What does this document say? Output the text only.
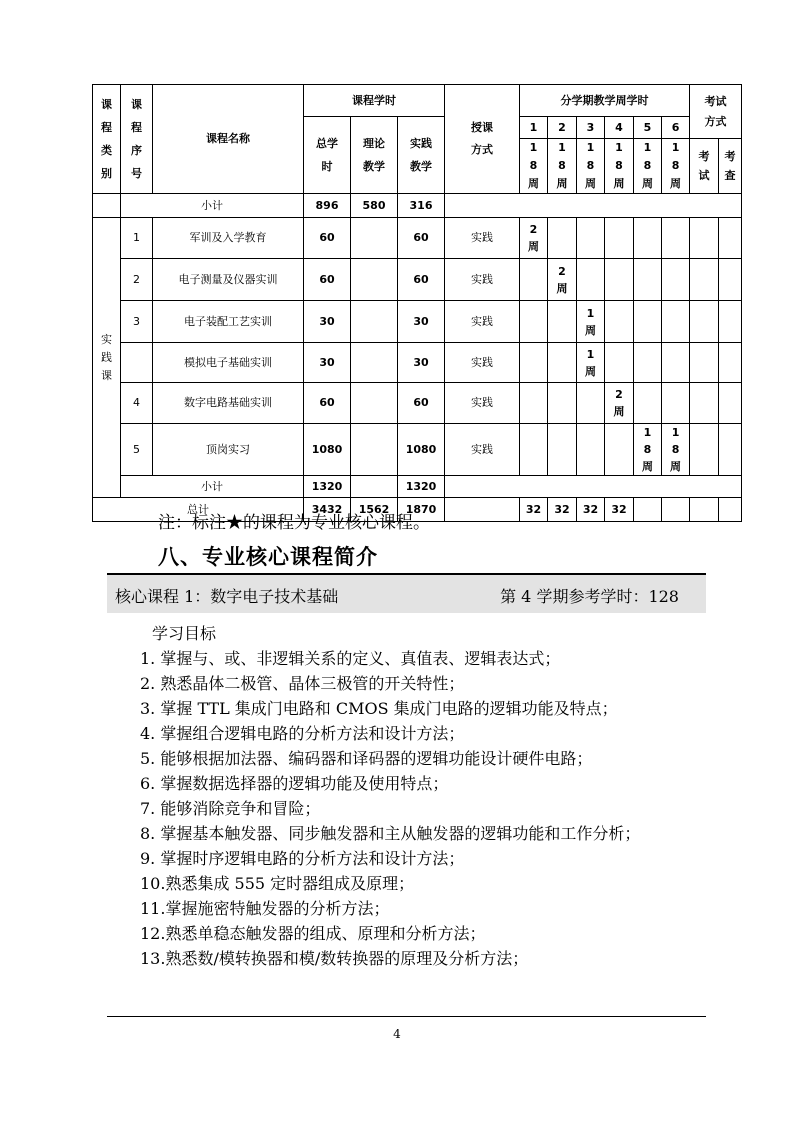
课程类别	课程序号	课程名称	课程学时			授课方式	分学期教学周学时						考试方式	
			总学时	理论教学	实践教学		1	2	3	4	5	6		
							18周	18周	18周	18周	18周	18周	考试	考查
	小计		896	580	316									
实践课	1	军训及入学教育	60		60	实践	2周							
	2	电子测量及仪器实训	60		60	实践		2周						
	3	电子装配工艺实训	30		30	实践			1周					
		模拟电子基础实训	30		30	实践			1周					
	4	数字电路基础实训	60		60	实践				2周				
	5	顶岗实习	1080		1080	实践					18周	18周		
	小计		1320		1320									
总计			3432	1562	1870		32	32	32	32				
注：标注★的课程为专业核心课程。
八、专业核心课程简介
核心课程 1：数字电子技术基础	第 4 学期参考学时：128
学习目标
1. 掌握与、或、非逻辑关系的定义、真值表、逻辑表达式；
2. 熟悉晶体二极管、晶体三极管的开关特性；
3. 掌握 TTL 集成门电路和 CMOS 集成门电路的逻辑功能及特点；
4. 掌握组合逻辑电路的分析方法和设计方法；
5. 能够根据加法器、编码器和译码器的逻辑功能设计硬件电路；
6. 掌握数据选择器的逻辑功能及使用特点；
7. 能够消除竞争和冒险；
8. 掌握基本触发器、同步触发器和主从触发器的逻辑功能和工作分析；
9. 掌握时序逻辑电路的分析方法和设计方法；
10.熟悉集成 555 定时器组成及原理；
11.掌握施密特触发器的分析方法；
12.熟悉单稳态触发器的组成、原理和分析方法；
13.熟悉数/模转换器和模/数转换器的原理及分析方法；
4
